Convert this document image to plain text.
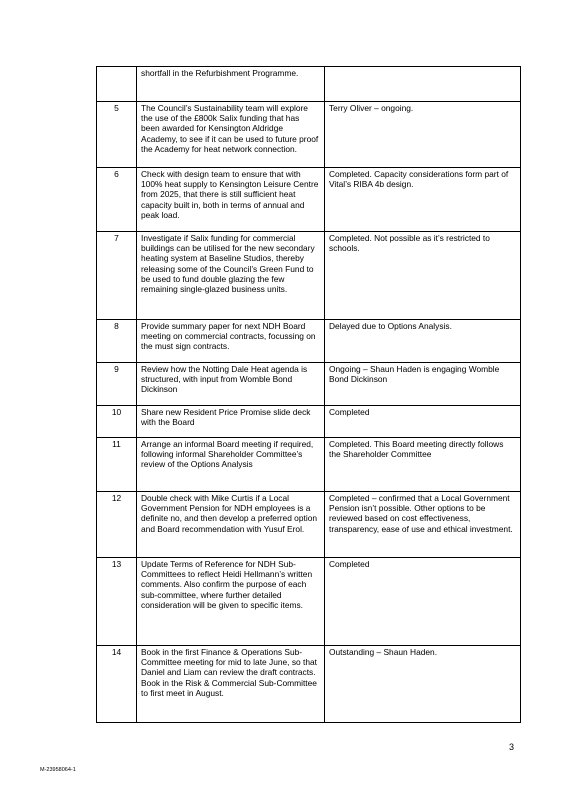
	shortfall in the Refurbishment Programme.	
5	The Council’s Sustainability team will explore the use of the £800k Salix funding that has been awarded for Kensington Aldridge Academy, to see if it can be used to future proof the Academy for heat network connection.	Terry Oliver – ongoing.
6	Check with design team to ensure that with 100% heat supply to Kensington Leisure Centre from 2025, that there is still sufficient heat capacity built in, both in terms of annual and peak load.	Completed. Capacity considerations form part of Vital’s RIBA 4b design.
7	Investigate if Salix funding for commercial buildings can be utilised for the new secondary heating system at Baseline Studios, thereby releasing some of the Council’s Green Fund to be used to fund double glazing the few remaining single-glazed business units.	Completed. Not possible as it’s restricted to schools.
8	Provide summary paper for next NDH Board meeting on commercial contracts, focussing on the must sign contracts.	Delayed due to Options Analysis.
9	Review how the Notting Dale Heat agenda is structured, with input from Womble Bond Dickinson	Ongoing – Shaun Haden is engaging Womble Bond Dickinson
10	Share new Resident Price Promise slide deck with the Board	Completed
11	Arrange an informal Board meeting if required, following informal Shareholder Committee’s review of the Options Analysis	Completed. This Board meeting directly follows the Shareholder Committee
12	Double check with Mike Curtis if a Local Government Pension for NDH employees is a definite no, and then develop a preferred option and Board recommendation with Yusuf Erol.	Completed – confirmed that a Local Government Pension isn’t possible. Other options to be reviewed based on cost effectiveness, transparency, ease of use and ethical investment.
13	Update Terms of Reference for NDH Sub-Committees to reflect Heidi Hellmann’s written comments. Also confirm the purpose of each sub-committee, where further detailed consideration will be given to specific items.	Completed
14	Book in the first Finance & Operations Sub-Committee meeting for mid to late June, so that Daniel and Liam can review the draft contracts. Book in the Risk & Commercial Sub-Committee to first meet in August.	Outstanding – Shaun Haden.
3
M-23958064-1
